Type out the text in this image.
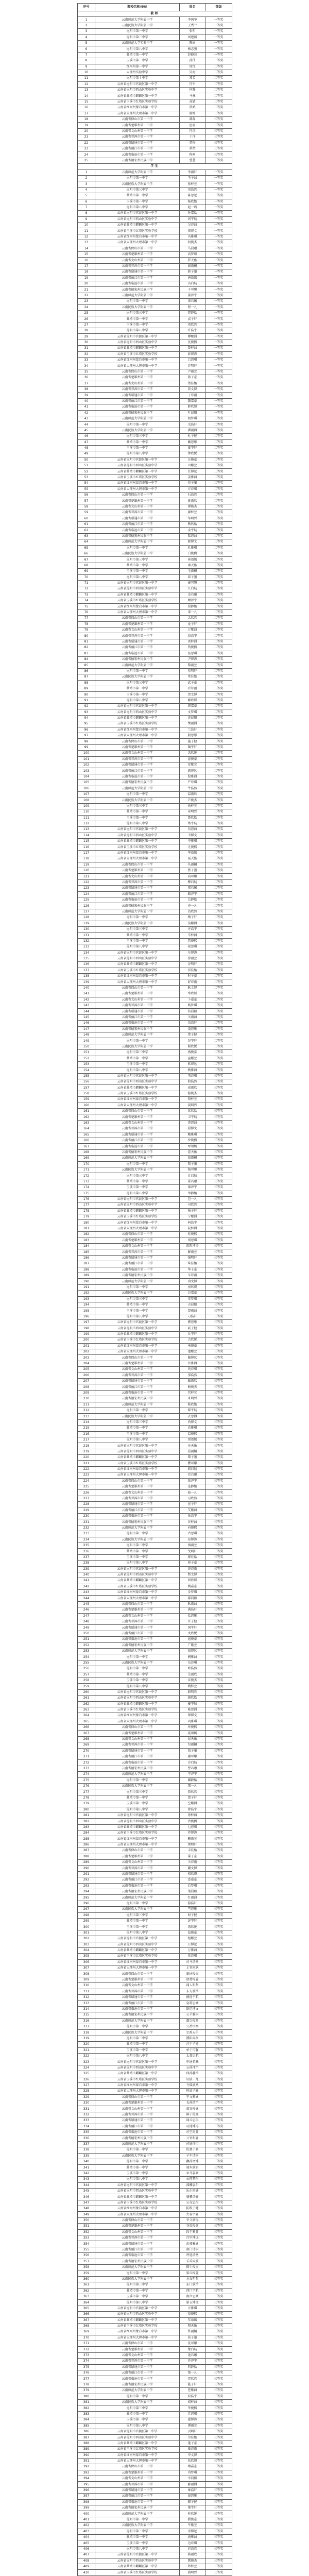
序号	院校名称/单位	姓名	等级
教师			
1	云南师范大学附属中学	李国华	一等奖
2	云南民族大学附属中学	王秀兰	一等奖
3	昆明市第一中学	张明	一等奖
4	昆明市第三中学	刘建国	一等奖
5	云南师范大学实验中学	陈丽	一等奖
6	昆明市第八中学	杨志强	一等奖
7	曲靖市第一中学	赵晓燕	一等奖
8	玉溪市第一中学	孙伟	一等奖
9	红河州第一中学	周红	二等奖
10	大理州实验中学	吴海	二等奖
11	昆明市第十中学	郑芳	二等奖
12	云南省昆明市官渡区第一中学	冯军	二等奖
13	云南省昆明市西山区实验中学	何静	二等奖
14	云南省曲靖市麒麟区第一中学	马林	二等奖
15	云南省玉溪市红塔区实验学校	高敏	二等奖
16	云南省红河州蒙自市第一中学	罗斌	二等奖
17	云南省大理州大理市第一中学	谢婷	二等奖
18	云南省保山市第一中学	韩磊	三等奖
19	云南省楚雄州第一中学	唐丽	三等奖
20	云南省文山州第一中学	冯涛	三等奖
21	云南省普洱市第一中学	于洋	三等奖
22	云南省昭通市第一中学	董梅	三等奖
23	云南省丽江市第一中学	萧然	三等奖
24	云南省临沧市第一中学	程刚	三等奖
25	云南省德宏州民族中学	曹慧	三等奖
学生			
1	云南师范大学附属中学	李雨轩	一等奖
2	昆明市第一中学	王子涵	一等奖
3	云南民族大学附属中学	张梓萱	一等奖
4	昆明市第三中学	刘浩然	一等奖
5	曲靖市第一中学	陈思远	一等奖
6	玉溪市第一中学	杨欣怡	一等奖
7	昆明市第八中学	赵一鸣	一等奖
8	云南省昆明市官渡区第一中学	孙嘉怡	一等奖
9	云南省昆明市西山区实验中学	周宇航	一等奖
10	云南省曲靖市麒麟区第一中学	吴诗涵	一等奖
11	云南省玉溪市红塔区实验学校	郑博文	一等奖
12	云南省红河州蒙自市第一中学	冯雅琪	一等奖
13	云南省大理州大理市第一中学	何俊杰	一等奖
14	云南省保山市第一中学	马晨曦	一等奖
15	云南省楚雄州第一中学	高梦瑶	一等奖
16	云南省文山州第一中学	罗天佑	一等奖
17	云南省普洱市第一中学	谢雨桐	一等奖
18	云南省昭通市第一中学	韩子墨	一等奖
19	云南省丽江市第一中学	唐语嫣	一等奖
20	云南省临沧市第一中学	冯启航	一等奖
21	云南省德宏州民族中学	于可馨	一等奖
22	云南师范大学附属中学	董泽宇	一等奖
23	昆明市第一中学	萧若曦	一等奖
24	云南民族大学附属中学	程一凡	一等奖
25	昆明市第三中学	曹静怡	一等奖
26	曲靖市第一中学	袁子轩	一等奖
27	玉溪市第一中学	邓欣然	一等奖
28	昆明市第八中学	许浩宇	一等奖
29	云南省昆明市官渡区第一中学	傅紫涵	一等奖
30	云南省昆明市西山区实验中学	沈俊熙	一等奖
31	云南省曲靖市麒麟区第一中学	曾梓涵	一等奖
32	云南省玉溪市红塔区实验学校	彭博涛	一等奖
33	云南省红河州蒙自市第一中学	吕思琪	一等奖
34	云南省大理州大理市第一中学	苏明轩	一等奖
35	云南省保山市第一中学	卢雨萱	一等奖
36	云南省楚雄州第一中学	蒋子豪	一等奖
37	云南省文山州第一中学	蔡佳怡	一等奖
38	云南省普洱市第一中学	贾文博	一等奖
39	云南省昭通市第一中学	丁诗雨	一等奖
40	云南省丽江市第一中学	魏嘉豪	一等奖
41	云南省临沧市第一中学	薛欣妍	一等奖
42	云南省德宏州民族中学	叶晨阳	一等奖
43	云南师范大学附属中学	阎梦琪	二等奖
44	昆明市第一中学	余浩轩	二等奖
45	云南民族大学附属中学	潘雨涵	二等奖
46	昆明市第三中学	杜子健	二等奖
47	曲靖市第一中学	戴思彤	二等奖
48	玉溪市第一中学	夏宇轩	二等奖
49	昆明市第八中学	钟欣悦	二等奖
50	云南省昆明市官渡区第一中学	汪俊豪	二等奖
51	云南省昆明市西山区实验中学	田紫萱	二等奖
52	云南省曲靖市麒麟区第一中学	任博远	二等奖
53	云南省玉溪市红塔区实验学校	姜雅涵	二等奖
54	云南省红河州蒙自市第一中学	范子墨	二等奖
55	云南省大理州大理市第一中学	方诗琪	二等奖
56	云南省保山市第一中学	石浩然	二等奖
57	云南省楚雄州第一中学	姚雨欣	二等奖
58	云南省文山州第一中学	谭俊杰	二等奖
59	云南省普洱市第一中学	廖梓萱	二等奖
60	云南省昭通市第一中学	邹明哲	二等奖
61	云南省丽江市第一中学	熊欣怡	二等奖
62	云南省临沧市第一中学	金宇航	二等奖
63	云南省德宏州民族中学	陆思涵	二等奖
64	云南师范大学附属中学	郝博文	二等奖
65	昆明市第一中学	孔雅琪	二等奖
66	云南民族大学附属中学	白俊熙	二等奖
67	昆明市第三中学	崔语嫣	二等奖
68	曲靖市第一中学	康天佑	二等奖
69	玉溪市第一中学	毛雨桐	二等奖
70	昆明市第八中学	邱子墨	二等奖
71	云南省昆明市官渡区第一中学	秦可馨	二等奖
72	云南省昆明市西山区实验中学	江启航	二等奖
73	云南省曲靖市麒麟区第一中学	史若曦	二等奖
74	云南省玉溪市红塔区实验学校	顾泽宇	二等奖
75	云南省红河州蒙自市第一中学	侯静怡	二等奖
76	云南省大理州大理市第一中学	邵一凡	二等奖
77	云南省保山市第一中学	孟欣然	二等奖
78	云南省楚雄州第一中学	龙子轩	二等奖
79	云南省文山州第一中学	万紫涵	二等奖
80	云南省普洱市第一中学	段浩宇	二等奖
81	云南省昭通市第一中学	雷梓涵	二等奖
82	云南省丽江市第一中学	钱俊熙	二等奖
83	云南省临沧市第一中学	汤思琪	二等奖
84	云南省德宏州民族中学	尹博涛	二等奖
85	云南师范大学附属中学	黎雨萱	二等奖
86	昆明市第一中学	易明轩	二等奖
87	云南民族大学附属中学	常佳怡	二等奖
88	昆明市第三中学	武子豪	二等奖
89	曲靖市第一中学	乔诗雨	二等奖
90	玉溪市第一中学	贺文博	二等奖
91	昆明市第八中学	赖欣妍	二等奖
92	云南省昆明市官渡区第一中学	龚嘉豪	二等奖
93	云南省昆明市西山区实验中学	文梦琪	二等奖
94	云南省曲靖市麒麟区第一中学	庞晨阳	二等奖
95	云南省玉溪市红塔区实验学校	樊雨涵	二等奖
96	云南省红河州蒙自市第一中学	兰浩轩	二等奖
97	云南省大理州大理市第一中学	殷思彤	二等奖
98	云南省保山市第一中学	施子健	二等奖
99	云南省楚雄州第一中学	陶宇轩	二等奖
100	云南省文山州第一中学	洪欣悦	二等奖
101	云南省普洱市第一中学	翟俊豪	二等奖
102	云南省昭通市第一中学	安紫萱	二等奖
103	云南省丽江市第一中学	颜博远	二等奖
104	云南省临沧市第一中学	倪雅涵	二等奖
105	云南省德宏州民族中学	严诗琪	二等奖
106	云南师范大学附属中学	牛浩然	二等奖
107	昆明市第一中学	温雨欣	二等奖
108	云南民族大学附属中学	芦俊杰	二等奖
109	昆明市第三中学	俞梓萱	二等奖
110	曲靖市第一中学	章明哲	二等奖
111	玉溪市第一中学	鲁欣怡	二等奖
112	昆明市第八中学	葛宇航	二等奖
113	云南省昆明市官渡区第一中学	伍思涵	二等奖
114	云南省昆明市西山区实验中学	韦博文	二等奖
115	云南省曲靖市麒麟区第一中学	申雅琪	二等奖
116	云南省玉溪市红塔区实验学校	尤俊熙	二等奖
117	云南省红河州蒙自市第一中学	毕语嫣	二等奖
118	云南省大理州大理市第一中学	聂天佑	二等奖
119	云南省保山市第一中学	丛雨桐	二等奖
120	云南省楚雄州第一中学	焦子墨	二等奖
121	云南省文山州第一中学	向可馨	二等奖
122	云南省普洱市第一中学	柳启航	二等奖
123	云南省昭通市第一中学	邢若曦	二等奖
124	云南省丽江市第一中学	路泽宇	二等奖
125	云南省临沧市第一中学	岳静怡	二等奖
126	云南省德宏州民族中学	齐一凡	二等奖
127	云南师范大学附属中学	沿欣然	二等奖
128	昆明市第一中学	梅子轩	二等奖
129	云南民族大学附属中学	莫紫涵	二等奖
130	昆明市第三中学	庄浩宇	二等奖
131	曲靖市第一中学	辛梓涵	二等奖
132	玉溪市第一中学	管俊熙	二等奖
133	昆明市第八中学	祝思琪	二等奖
134	云南省昆明市官渡区第一中学	左博涛	二等奖
135	云南省昆明市西山区实验中学	涂雨萱	二等奖
136	云南省曲靖市麒麟区第一中学	谷明轩	二等奖
137	云南省玉溪市红塔区实验学校	祁佳怡	二等奖
138	云南省红河州蒙自市第一中学	时子豪	二等奖
139	云南省大理州大理市第一中学	舒诗雨	二等奖
140	云南省保山市第一中学	耿文博	二等奖
141	云南省楚雄州第一中学	牟欣妍	二等奖
142	云南省文山州第一中学	卜嘉豪	二等奖
143	云南省普洱市第一中学	路梦琪	二等奖
144	云南省昭通市第一中学	詹晨阳	二等奖
145	云南省丽江市第一中学	关雨涵	二等奖
146	云南省临沧市第一中学	苗浩轩	二等奖
147	云南省德宏州民族中学	凌思彤	二等奖
148	云南师范大学附属中学	费子健	二等奖
149	昆明市第一中学	纪宇轩	二等奖
150	云南民族大学附属中学	靳欣悦	二等奖
151	昆明市第三中学	盛俊豪	二等奖
152	曲靖市第一中学	童紫萱	二等奖
153	玉溪市第一中学	欧博远	二等奖
154	昆明市第八中学	甄雅涵	二等奖
155	云南省昆明市官渡区第一中学	项诗琪	三等奖
156	云南省昆明市西山区实验中学	曲浩然	三等奖
157	云南省曲靖市麒麟区第一中学	成雨欣	三等奖
158	云南省玉溪市红塔区实验学校	游俊杰	三等奖
159	云南省红河州蒙自市第一中学	阳梓萱	三等奖
160	云南省大理州大理市第一中学	裴明哲	三等奖
161	云南省保山市第一中学	席欣怡	三等奖
162	云南省楚雄州第一中学	卫宇航	三等奖
163	云南省文山州第一中学	查思涵	三等奖
164	云南省普洱市第一中学	屈博文	三等奖
165	云南省昭通市第一中学	鲍雅琪	三等奖
166	云南省丽江市第一中学	位俊熙	三等奖
167	云南省临沧市第一中学	覃语嫣	三等奖
168	云南省德宏州民族中学	霍天佑	三等奖
169	云南师范大学附属中学	翁雨桐	三等奖
170	昆明市第一中学	隋子墨	三等奖
171	云南民族大学附属中学	植可馨	三等奖
172	昆明市第三中学	甘启航	三等奖
173	曲靖市第一中学	景若曦	三等奖
174	玉溪市第一中学	薄泽宇	三等奖
175	昆明市第八中学	单静怡	三等奖
176	云南省昆明市官渡区第一中学	包一凡	三等奖
177	云南省昆明市西山区实验中学	司欣然	三等奖
178	云南省曲靖市麒麟区第一中学	柏子轩	三等奖
179	云南省玉溪市红塔区实验学校	宁紫涵	三等奖
180	云南省红河州蒙自市第一中学	柯浩宇	三等奖
181	云南省大理州大理市第一中学	阮梓涵	三等奖
182	云南省保山市第一中学	桂俊熙	三等奖
183	云南省楚雄州第一中学	闵思琪	三等奖
184	云南省文山州第一中学	欧阳博涛	三等奖
185	云南省普洱市第一中学	解雨萱	三等奖
186	云南省昭通市第一中学	强明轩	三等奖
187	云南省丽江市第一中学	柴佳怡	三等奖
188	云南省临沧市第一中学	华子豪	三等奖
189	云南省德宏州民族中学	车诗雨	三等奖
190	云南师范大学附属中学	冉文博	三等奖
191	昆明市第一中学	房欣妍	三等奖
192	云南民族大学附属中学	边嘉豪	三等奖
193	昆明市第三中学	辜梦琪	三等奖
194	曲靖市第一中学	吉晨阳	三等奖
195	玉溪市第一中学	饶雨涵	三等奖
196	昆明市第八中学	刁浩轩	三等奖
197	云南省昆明市官渡区第一中学	瞿思彤	三等奖
198	云南省昆明市西山区实验中学	戚子健	三等奖
199	云南省曲靖市麒麟区第一中学	丘宇轩	三等奖
200	云南省玉溪市红塔区实验学校	古欣悦	三等奖
201	云南省红河州蒙自市第一中学	米俊豪	三等奖
202	云南省大理州大理市第一中学	池紫萱	三等奖
203	云南省保山市第一中学	滕博远	三等奖
204	云南省楚雄州第一中学	晋雅涵	三等奖
205	云南省文山州第一中学	苑诗琪	三等奖
206	云南省普洱市第一中学	邬浩然	三等奖
207	云南省昭通市第一中学	臧雨欣	三等奖
208	云南省丽江市第一中学	畅俊杰	三等奖
209	云南省临沧市第一中学	宫梓萱	三等奖
210	云南省德宏州民族中学	来明哲	三等奖
211	云南师范大学附属中学	嵇欣怡	三等奖
212	昆明市第一中学	邸宇航	三等奖
213	云南民族大学附属中学	衣思涵	三等奖
214	昆明市第三中学	尚博文	三等奖
215	曲靖市第一中学	农雅琪	三等奖
216	玉溪市第一中学	温俊熙	三等奖
217	昆明市第八中学	别语嫣	三等奖
218	云南省昆明市官渡区第一中学	庄天佑	三等奖
219	云南省昆明市西山区实验中学	晏雨桐	三等奖
220	云南省曲靖市麒麟区第一中学	柴子墨	三等奖
221	云南省玉溪市红塔区实验学校	瞿可馨	三等奖
222	云南省红河州蒙自市第一中学	阎启航	三等奖
223	云南省大理州大理市第一中学	充若曦	三等奖
224	云南省保山市第一中学	慕泽宇	三等奖
225	云南省楚雄州第一中学	连静怡	三等奖
226	云南省文山州第一中学	茹一凡	三等奖
227	云南省普洱市第一中学	习欣然	三等奖
228	云南省昭通市第一中学	宦子轩	三等奖
229	云南省丽江市第一中学	艾紫涵	三等奖
230	云南省临沧市第一中学	鱼浩宇	三等奖
231	云南省德宏州民族中学	容梓涵	三等奖
232	云南师范大学附属中学	向俊熙	三等奖
233	昆明市第一中学	古思琪	三等奖
234	云南民族大学附属中学	易博涛	三等奖
235	昆明市第三中学	慎雨萱	三等奖
236	曲靖市第一中学	戈明轩	三等奖
237	玉溪市第一中学	廖佳怡	三等奖
238	昆明市第八中学	庾子豪	三等奖
239	云南省昆明市官渡区第一中学	终诗雨	三等奖
240	云南省昆明市西山区实验中学	暨文博	三等奖
241	云南省曲靖市麒麟区第一中学	居欣妍	三等奖
242	云南省玉溪市红塔区实验学校	衡嘉豪	三等奖
243	云南省红河州蒙自市第一中学	步梦琪	三等奖
244	云南省大理州大理市第一中学	都晨阳	三等奖
245	云南省保山市第一中学	耿雨涵	三等奖
246	云南省楚雄州第一中学	满浩轩	三等奖
247	云南省文山州第一中学	弘思彤	三等奖
248	云南省普洱市第一中学	匡子健	三等奖
249	云南省昭通市第一中学	国宇轩	三等奖
250	云南省丽江市第一中学	文欣悦	三等奖
251	云南省临沧市第一中学	寇俊豪	三等奖
252	云南省德宏州民族中学	广紫萱	三等奖
253	云南师范大学附属中学	禄博远	三等奖
254	昆明市第一中学	阙雅涵	三等奖
255	云南民族大学附属中学	东诗琪	三等奖
256	昆明市第三中学	欧浩然	三等奖
257	曲靖市第一中学	殳雨欣	三等奖
258	玉溪市第一中学	沃俊杰	三等奖
259	昆明市第八中学	利梓萱	三等奖
260	云南省昆明市官渡区第一中学	蔚明哲	三等奖
261	云南省昆明市西山区实验中学	越欣怡	三等奖
262	云南省曲靖市麒麟区第一中学	夔宇航	三等奖
263	云南省玉溪市红塔区实验学校	隆思涵	三等奖
264	云南省红河州蒙自市第一中学	师博文	三等奖
265	云南省大理州大理市第一中学	巩雅琪	三等奖
266	云南省保山市第一中学	厍俊熙	三等奖
267	云南省楚雄州第一中学	聂语嫣	三等奖
268	云南省文山州第一中学	晁天佑	三等奖
269	云南省普洱市第一中学	勾雨桐	三等奖
270	云南省昭通市第一中学	敖子墨	三等奖
271	云南省丽江市第一中学	融可馨	三等奖
272	云南省临沧市第一中学	冷启航	三等奖
273	云南省德宏州民族中学	訾若曦	三等奖
274	云南师范大学附属中学	辛泽宇	三等奖
275	昆明市第一中学	阚静怡	三等奖
276	云南民族大学附属中学	那一凡	三等奖
277	昆明市第三中学	简欣然	三等奖
278	曲靖市第一中学	饶子轩	三等奖
279	玉溪市第一中学	空紫涵	三等奖
280	昆明市第八中学	曾浩宇	三等奖
281	云南省昆明市官渡区第一中学	毋梓涵	三等奖
282	云南省昆明市西山区实验中学	沙俊熙	三等奖
283	云南省曲靖市麒麟区第一中学	乜思琪	三等奖
284	云南省玉溪市红塔区实验学校	养博涛	三等奖
285	云南省红河州蒙自市第一中学	鞠雨萱	三等奖
286	云南省大理州大理市第一中学	须明轩	三等奖
287	云南省保山市第一中学	丰佳怡	三等奖
288	云南省楚雄州第一中学	巢子豪	三等奖
289	云南省文山州第一中学	关诗雨	三等奖
290	云南省普洱市第一中学	蒯文博	三等奖
291	云南省昭通市第一中学	相欣妍	三等奖
292	云南省丽江市第一中学	查嘉豪	三等奖
293	云南省临沧市第一中学	后梦琪	三等奖
294	云南省德宏州民族中学	荆晨阳	三等奖
295	云南师范大学附属中学	红雨涵	三等奖
296	昆明市第一中学	游浩轩	三等奖
297	云南民族大学附属中学	竺思彤	三等奖
298	昆明市第三中学	权子健	三等奖
299	曲靖市第一中学	逯宇轩	三等奖
300	玉溪市第一中学	盖欣悦	三等奖
301	昆明市第八中学	益俊豪	三等奖
302	云南省昆明市官渡区第一中学	桓紫萱	三等奖
303	云南省昆明市西山区实验中学	公博远	三等奖
304	云南省曲靖市麒麟区第一中学	万雅涵	三等奖
305	云南省玉溪市红塔区实验学校	俟诗琪	三等奖
306	云南省红河州蒙自市第一中学	司马浩然	三等奖
307	云南省大理州大理市第一中学	上官雨欣	三等奖
308	云南省保山市第一中学	夏侯俊杰	三等奖
309	云南省楚雄州第一中学	诸葛梓萱	三等奖
310	云南省文山州第一中学	闻人明哲	三等奖
311	云南省普洱市第一中学	东方欣怡	三等奖
312	云南省昭通市第一中学	赫连宇航	三等奖
313	云南省丽江市第一中学	皇甫思涵	三等奖
314	云南省临沧市第一中学	尉迟博文	三等奖
315	云南省德宏州民族中学	公羊雅琪	三等奖
316	云南师范大学附属中学	澹台俊熙	三等奖
317	昆明市第一中学	公冶语嫣	三等奖
318	云南民族大学附属中学	宗政天佑	三等奖
319	昆明市第三中学	濮阳雨桐	三等奖
320	曲靖市第一中学	淳于子墨	三等奖
321	玉溪市第一中学	单于可馨	三等奖
322	昆明市第八中学	太叔启航	三等奖
323	云南省昆明市官渡区第一中学	申屠若曦	三等奖
324	云南省昆明市西山区实验中学	公孙泽宇	三等奖
325	云南省曲靖市麒麟区第一中学	仲孙静怡	三等奖
326	云南省玉溪市红塔区实验学校	轩辕一凡	三等奖
327	云南省红河州蒙自市第一中学	令狐欣然	三等奖
328	云南省大理州大理市第一中学	钟离子轩	三等奖
329	云南省保山市第一中学	宇文紫涵	三等奖
330	云南省楚雄州第一中学	长孙浩宇	三等奖
331	云南省文山州第一中学	慕容梓涵	三等奖
332	云南省普洱市第一中学	鲜于俊熙	三等奖
333	云南省昭通市第一中学	闾丘思琪	三等奖
334	云南省丽江市第一中学	司徒博涛	三等奖
335	云南省临沧市第一中学	司空雨萱	三等奖
336	云南省德宏州民族中学	亓官明轩	三等奖
337	云南师范大学附属中学	司寇佳怡	三等奖
338	昆明市第一中学	仉督子豪	三等奖
339	云南民族大学附属中学	子车诗雨	三等奖
340	昆明市第三中学	颛孙文博	三等奖
341	曲靖市第一中学	端木欣妍	三等奖
342	玉溪市第一中学	巫马嘉豪	三等奖
343	昆明市第八中学	公西梦琪	三等奖
344	云南省昆明市官渡区第一中学	漆雕晨阳	三等奖
345	云南省昆明市西山区实验中学	乐正雨涵	三等奖
346	云南省曲靖市麒麟区第一中学	壤驷浩轩	三等奖
347	云南省玉溪市红塔区实验学校	公良思彤	三等奖
348	云南省红河州蒙自市第一中学	拓跋子健	三等奖
349	云南省大理州大理市第一中学	夹谷宇轩	三等奖
350	云南省保山市第一中学	宰父欣悦	三等奖
351	云南省楚雄州第一中学	谷梁俊豪	三等奖
352	云南省文山州第一中学	段干紫萱	三等奖
353	云南省普洱市第一中学	百里博远	三等奖
354	云南省昭通市第一中学	东郭雅涵	三等奖
355	云南省丽江市第一中学	南门诗琪	三等奖
356	云南省临沧市第一中学	呼延浩然	三等奖
357	云南省德宏州民族中学	羊舌雨欣	三等奖
358	云南师范大学附属中学	微生俊杰	三等奖
359	昆明市第一中学	梁丘梓萱	三等奖
360	云南民族大学附属中学	左丘明哲	三等奖
361	昆明市第三中学	东门欣怡	三等奖
362	曲靖市第一中学	西门宇航	三等奖
363	玉溪市第一中学	南宫思涵	三等奖
364	昆明市第八中学	第五博文	三等奖
365	云南省昆明市官渡区第一中学	言雅琪	三等奖
366	云南省昆明市西山区实验中学	福俊熙	三等奖
367	云南省曲靖市麒麟区第一中学	年语嫣	三等奖
368	云南省玉溪市红塔区实验学校	阳天佑	三等奖
369	云南省红河州蒙自市第一中学	佟雨桐	三等奖
370	云南省大理州大理市第一中学	侯子墨	三等奖
371	云南省保山市第一中学	沈可馨	三等奖
372	云南省楚雄州第一中学	蒙启航	三等奖
373	云南省文山州第一中学	池若曦	三等奖
374	云南省普洱市第一中学	乔泽宇	三等奖
375	云南省昭通市第一中学	阴静怡	三等奖
376	云南省丽江市第一中学	郁一凡	三等奖
377	云南省临沧市第一中学	胥欣然	三等奖
378	云南省德宏州民族中学	能子轩	三等奖
379	云南师范大学附属中学	苍紫涵	三等奖
380	昆明市第一中学	双浩宇	三等奖
381	云南民族大学附属中学	闻梓涵	三等奖
382	昆明市第三中学	莘俊熙	三等奖
383	曲靖市第一中学	党思琪	三等奖
384	玉溪市第一中学	翟博涛	三等奖
385	昆明市第八中学	谭雨萱	三等奖
386	云南省昆明市官渡区第一中学	贡明轩	三等奖
387	云南省昆明市西山区实验中学	劳佳怡	三等奖
388	云南省曲靖市麒麟区第一中学	逄子豪	三等奖
389	云南省玉溪市红塔区实验学校	姬诗雨	三等奖
390	云南省红河州蒙自市第一中学	申文博	三等奖
391	云南省大理州大理市第一中学	扶欣妍	三等奖
392	云南省保山市第一中学	堵嘉豪	三等奖
393	云南省楚雄州第一中学	冉梦琪	三等奖
394	云南省文山州第一中学	宰晨阳	三等奖
395	云南省普洱市第一中学	郦雨涵	三等奖
396	云南省昭通市第一中学	雍浩轩	三等奖
397	云南省丽江市第一中学	却思彤	三等奖
398	云南省临沧市第一中学	璩子健	三等奖
399	云南省德宏州民族中学	桑宇轩	三等奖
400	云南师范大学附属中学	桂欣悦	三等奖
401	昆明市第一中学	濮俊豪	三等奖
402	云南民族大学附属中学	牛紫萱	三等奖
403	昆明市第三中学	寿博远	三等奖
404	曲靖市第一中学	通雅涵	三等奖
405	玉溪市第一中学	边诗琪	三等奖
406	昆明市第八中学	扈浩然	三等奖
407	云南省昆明市官渡区第一中学	燕雨欣	三等奖
408	云南省昆明市西山区实验中学	冀俊杰	三等奖
409	云南省曲靖市麒麟区第一中学	郏梓萱	三等奖
410	云南省玉溪市红塔区实验学校	浦明哲	三等奖
